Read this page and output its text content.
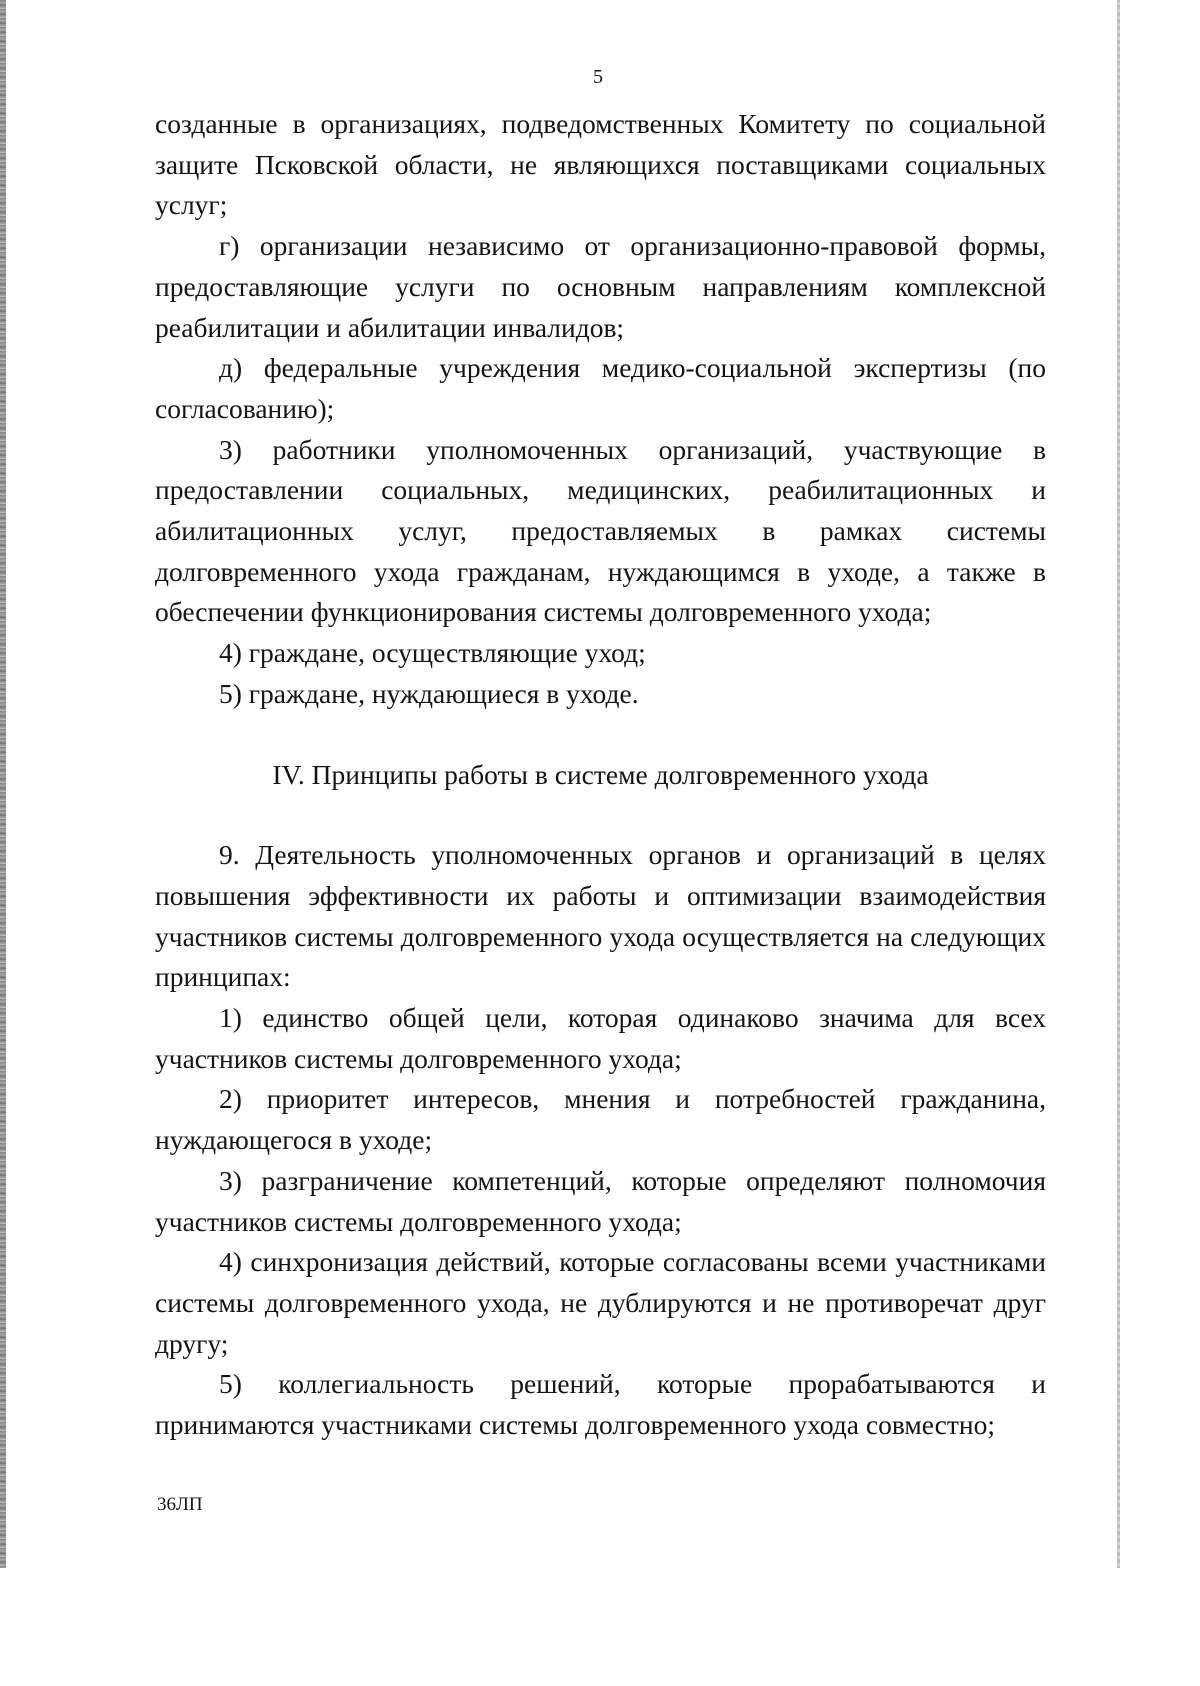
5

созданные в организациях, подведомственных Комитету по социальной защите Псковской области, не являющихся поставщиками социальных услуг;

г) организации независимо от организационно-правовой формы, предоставляющие услуги по основным направлениям комплексной реабилитации и абилитации инвалидов;

д) федеральные учреждения медико-социальной экспертизы (по согласованию);

3) работники уполномоченных организаций, участвующие в предоставлении социальных, медицинских, реабилитационных и абилитационных услуг, предоставляемых в рамках системы долговременного ухода гражданам, нуждающимся в уходе, а также в обеспечении функционирования системы долговременного ухода;

4) граждане, осуществляющие уход;

5) граждане, нуждающиеся в уходе.

IV. Принципы работы в системе долговременного ухода

9. Деятельность уполномоченных органов и организаций в целях повышения эффективности их работы и оптимизации взаимодействия участников системы долговременного ухода осуществляется на следующих принципах:

1) единство общей цели, которая одинаково значима для всех участников системы долговременного ухода;

2) приоритет интересов, мнения и потребностей гражданина, нуждающегося в уходе;

3) разграничение компетенций, которые определяют полномочия участников системы долговременного ухода;

4) синхронизация действий, которые согласованы всеми участниками системы долговременного ухода, не дублируются и не противоречат друг другу;

5) коллегиальность решений, которые прорабатываются и принимаются участниками системы долговременного ухода совместно;

36ЛП
